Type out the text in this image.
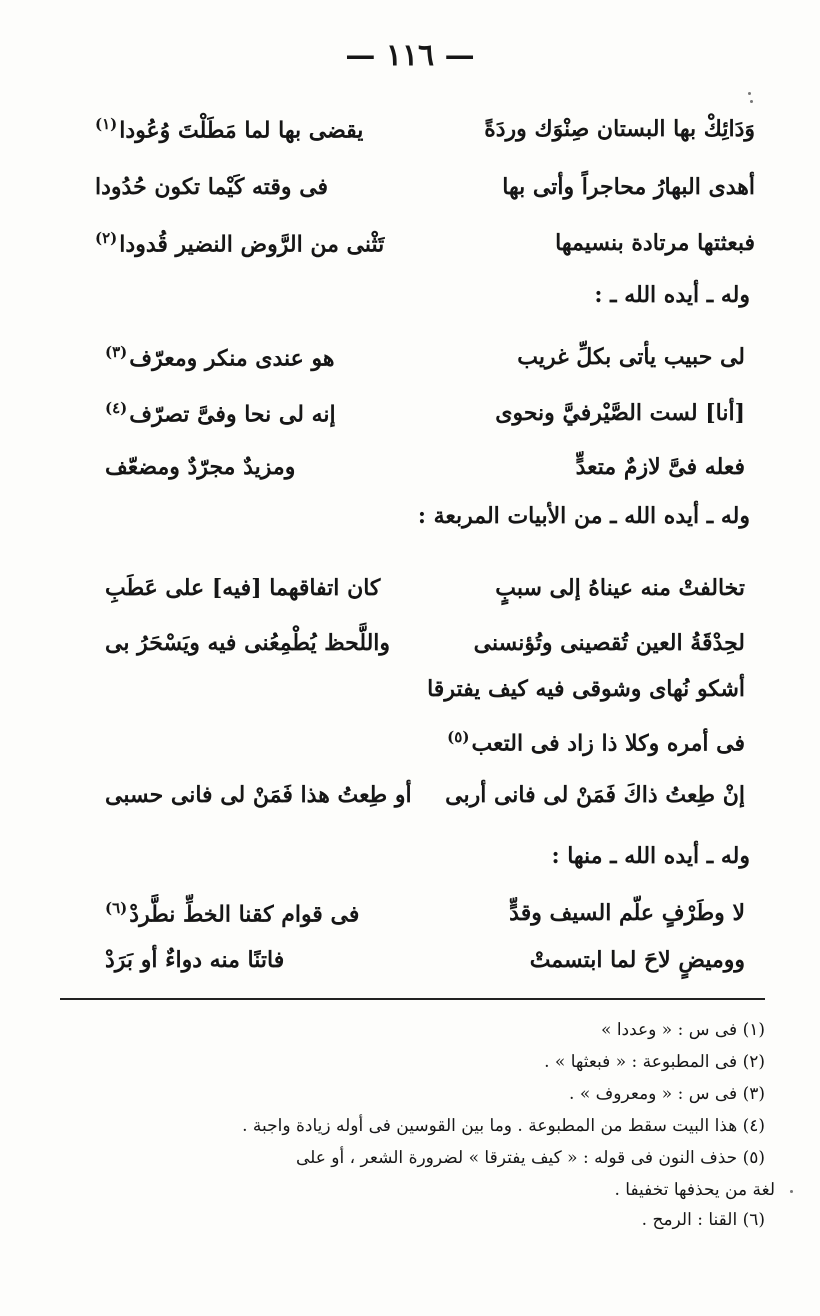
— ١١٦ —
وَدَائِكْ بها البستان صِنْوَك وردَةً
يقضى بها لما مَطَلْتَ وُعُودا$^{(١)}$
أهدى البهارُ محاجراً وأتى بها
فى وقته كَيْما تكون حُدُودا
فبعثتها مرتادة بنسيمها
تَثْنى من الرَّوض النضير قُدودا$^{(٢)}$
وله ـ أيده الله ـ :
لى حبيب يأتى بكلِّ غريب
هو عندى منكر ومعرّف$^{(٣)}$
[أنا] لست الصَّيْرفيَّ ونحوى
إنه لى نحا وفىَّ تصرّف$^{(٤)}$
فعله فىَّ لازمٌ متعدٍّ
ومزيدٌ مجرّدٌ ومضعّف
وله ـ أيده الله ـ من الأبيات المربعة :
تخالفتْ منه عيناهُ إلى سببٍ
كان اتفاقهما [فيه] على عَطَبِ
لحِدْقَةُ العين تُقصينى وتُؤنسنى
واللَّحظ يُطْمِعُنى فيه ويَسْحَرُ بى
أشكو نُهاى وشوقى فيه كيف يفترقا
فى أمره وكلا ذا زاد فى التعب$^{(٥)}$
إنْ طِعتُ ذاكَ فَمَنْ لى فانى أربى
أو طِعتُ هذا فَمَنْ لى فانى حسبى
وله ـ أيده الله ـ منها :
لا وطَرْفٍ علّم السيف وقدٍّ
فى قوام كقنا الخطِّ نطَّردْ$^{(٦)}$
ووميضٍ لاحَ لما ابتسمتْ
فاتنًا منه دواءٌ أو بَرَدْ
(١) فى س : « وعددا »
(٢) فى المطبوعة : « فبعثها » .
(٣) فى س : « ومعروف » .
(٤) هذا البيت سقط من المطبوعة . وما بين القوسين فى أوله زيادة واجبة .
(٥) حذف النون فى قوله : « كيف يفترقا » لضرورة الشعر ، أو على
لغة من يحذفها تخفيفا .
(٦) القنا : الرمح .
